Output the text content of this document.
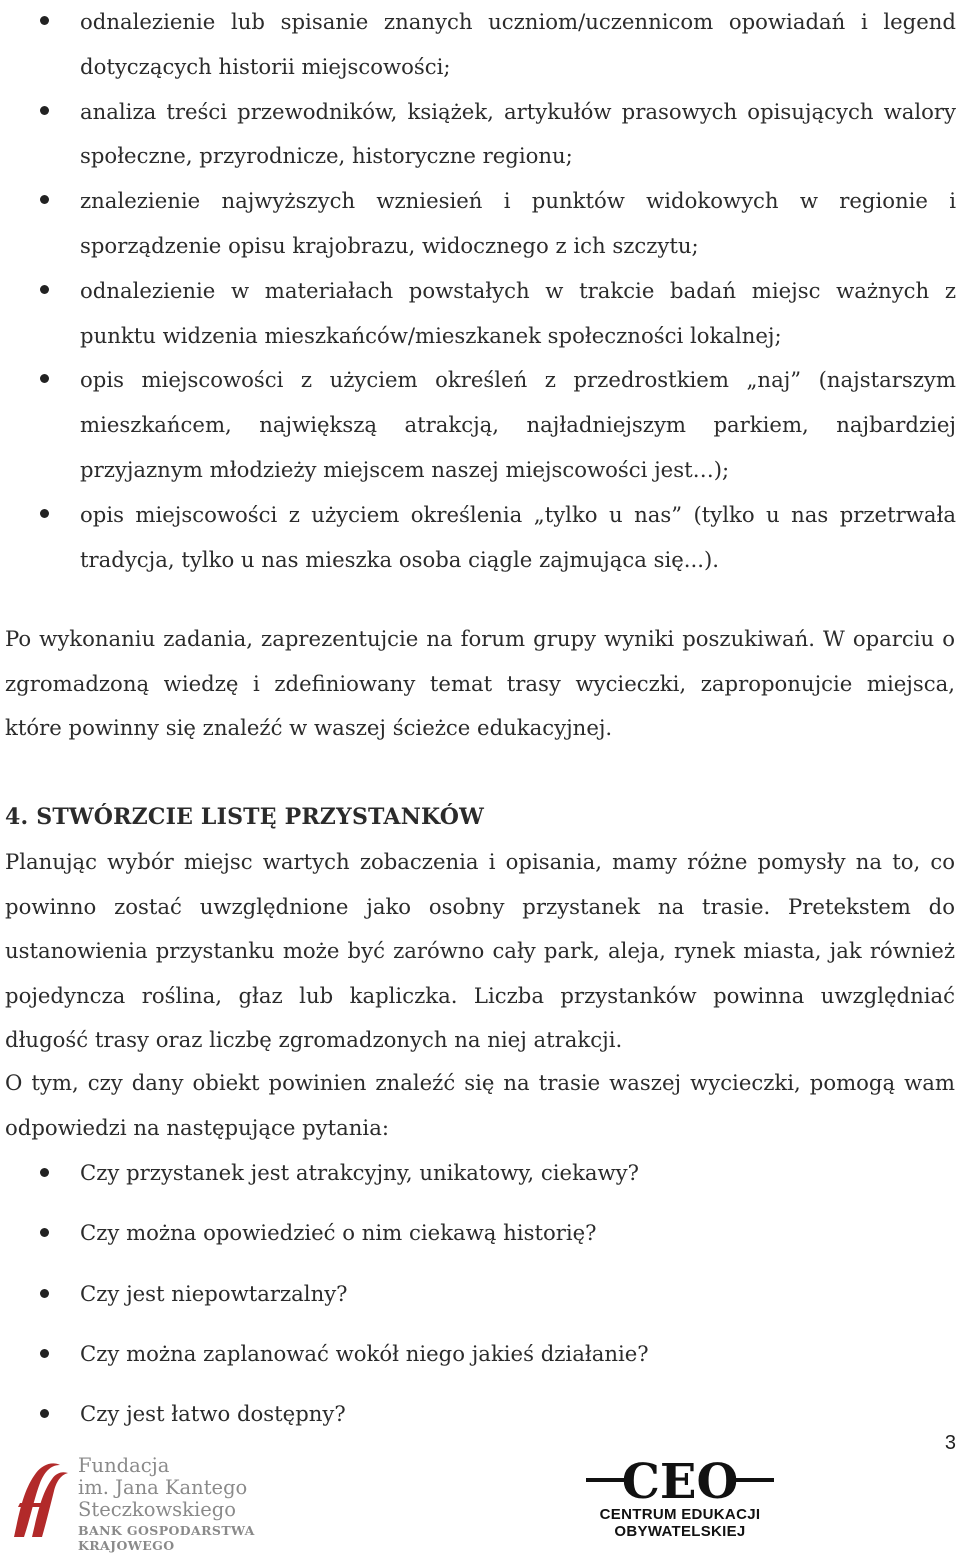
odnalezienie lub spisanie znanych uczniom/uczennicom opowiadań i legend dotyczących historii miejscowości;
analiza treści przewodników, książek, artykułów prasowych opisujących walory społeczne, przyrodnicze, historyczne regionu;
znalezienie najwyższych wzniesień i punktów widokowych w regionie i sporządzenie opisu krajobrazu, widocznego z ich szczytu;
odnalezienie w materiałach powstałych w trakcie badań miejsc ważnych z punktu widzenia mieszkańców/mieszkanek społeczności lokalnej;
opis miejscowości z użyciem określeń z przedrostkiem „naj” (najstarszym mieszkańcem, największą atrakcją, najładniejszym parkiem, najbardziej przyjaznym młodzieży miejscem naszej miejscowości jest…);
opis miejscowości z użyciem określenia „tylko u nas” (tylko u nas przetrwała tradycja, tylko u nas mieszka osoba ciągle zajmująca się...).

Po wykonaniu zadania, zaprezentujcie na forum grupy wyniki poszukiwań. W oparciu o zgromadzoną wiedzę i zdefiniowany temat trasy wycieczki, zaproponujcie miejsca, które powinny się znaleźć w waszej ścieżce edukacyjnej.

4. STWÓRZCIE LISTĘ PRZYSTANKÓW

Planując wybór miejsc wartych zobaczenia i opisania, mamy różne pomysły na to, co powinno zostać uwzględnione jako osobny przystanek na trasie. Pretekstem do ustanowienia przystanku może być zarówno cały park, aleja, rynek miasta, jak również pojedyncza roślina, głaz lub kapliczka. Liczba przystanków powinna uwzględniać długość trasy oraz liczbę zgromadzonych na niej atrakcji.

O tym, czy dany obiekt powinien znaleźć się na trasie waszej wycieczki, pomogą wam odpowiedzi na następujące pytania:

Czy przystanek jest atrakcyjny, unikatowy, ciekawy?
Czy można opowiedzieć o nim ciekawą historię?
Czy jest niepowtarzalny?
Czy można zaplanować wokół niego jakieś działanie?
Czy jest łatwo dostępny?
3
Fundacja
im. Jana Kantego
Steczkowskiego
BANK GOSPODARSTWA KRAJOWEGO
CEO
CENTRUM EDUKACJI
OBYWATELSKIEJ
